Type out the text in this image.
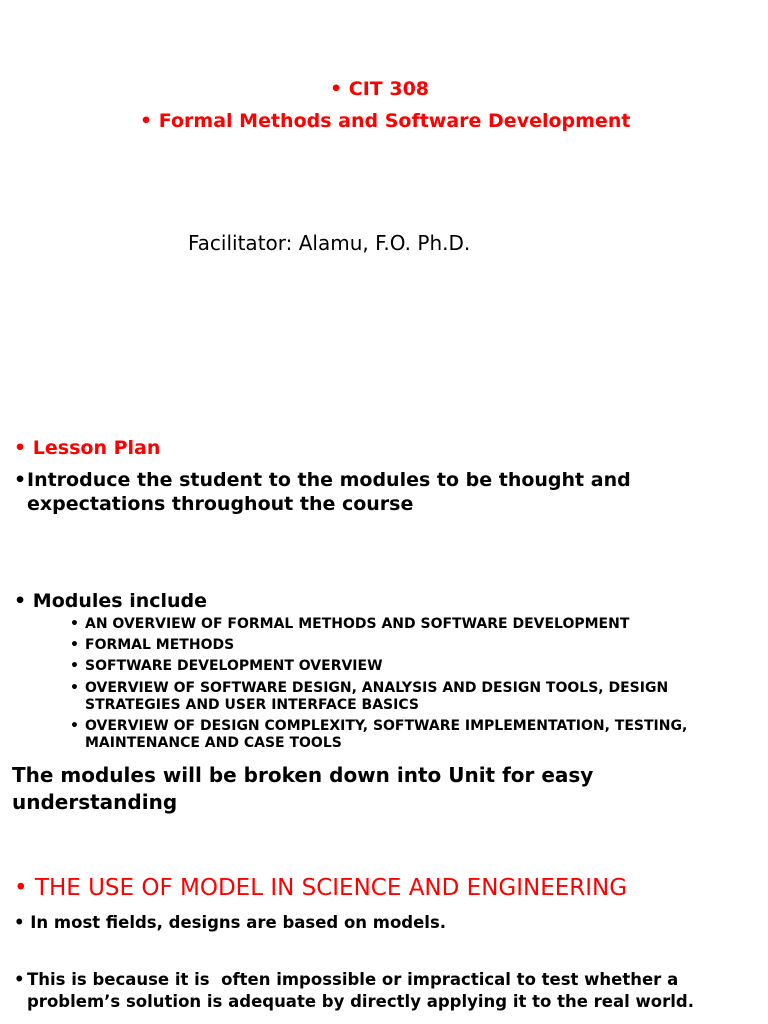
• CIT 308
• Formal Methods and Software Development
Facilitator: Alamu, F.O. Ph.D.
• Lesson Plan
• Introduce the student to the modules to be thought and
expectations throughout the course
• Modules include
• AN OVERVIEW OF FORMAL METHODS AND SOFTWARE DEVELOPMENT
• FORMAL METHODS
• SOFTWARE DEVELOPMENT OVERVIEW
• OVERVIEW OF SOFTWARE DESIGN, ANALYSIS AND DESIGN TOOLS, DESIGN
STRATEGIES AND USER INTERFACE BASICS
• OVERVIEW OF DESIGN COMPLEXITY, SOFTWARE IMPLEMENTATION, TESTING,
MAINTENANCE AND CASE TOOLS
The modules will be broken down into Unit for easy
understanding
• THE USE OF MODEL IN SCIENCE AND ENGINEERING
• In most fields, designs are based on models.
• This is because it is  often impossible or impractical to test whether a
problem’s solution is adequate by directly applying it to the real world.
